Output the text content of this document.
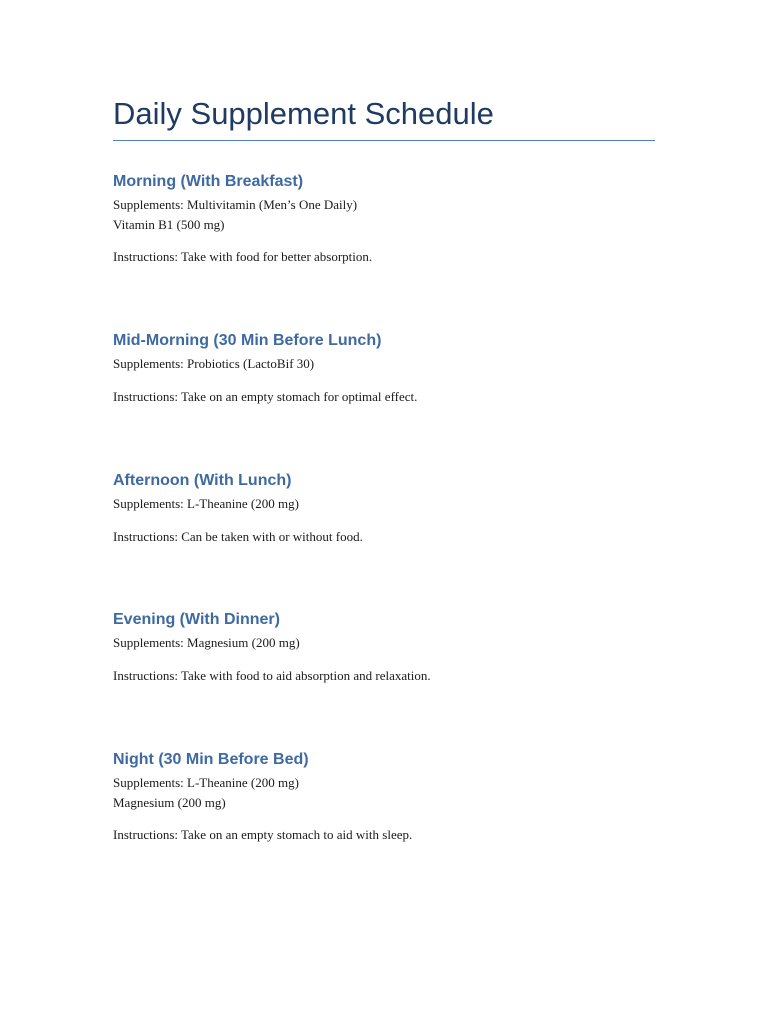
Daily Supplement Schedule
Morning (With Breakfast)

Supplements: Multivitamin (Men’s One Daily)

Vitamin B1 (500 mg)

Instructions: Take with food for better absorption.

Mid-Morning (30 Min Before Lunch)

Supplements: Probiotics (LactoBif 30)

Instructions: Take on an empty stomach for optimal effect.

Afternoon (With Lunch)

Supplements: L-Theanine (200 mg)

Instructions: Can be taken with or without food.

Evening (With Dinner)

Supplements: Magnesium (200 mg)

Instructions: Take with food to aid absorption and relaxation.

Night (30 Min Before Bed)

Supplements: L-Theanine (200 mg)

Magnesium (200 mg)

Instructions: Take on an empty stomach to aid with sleep.
